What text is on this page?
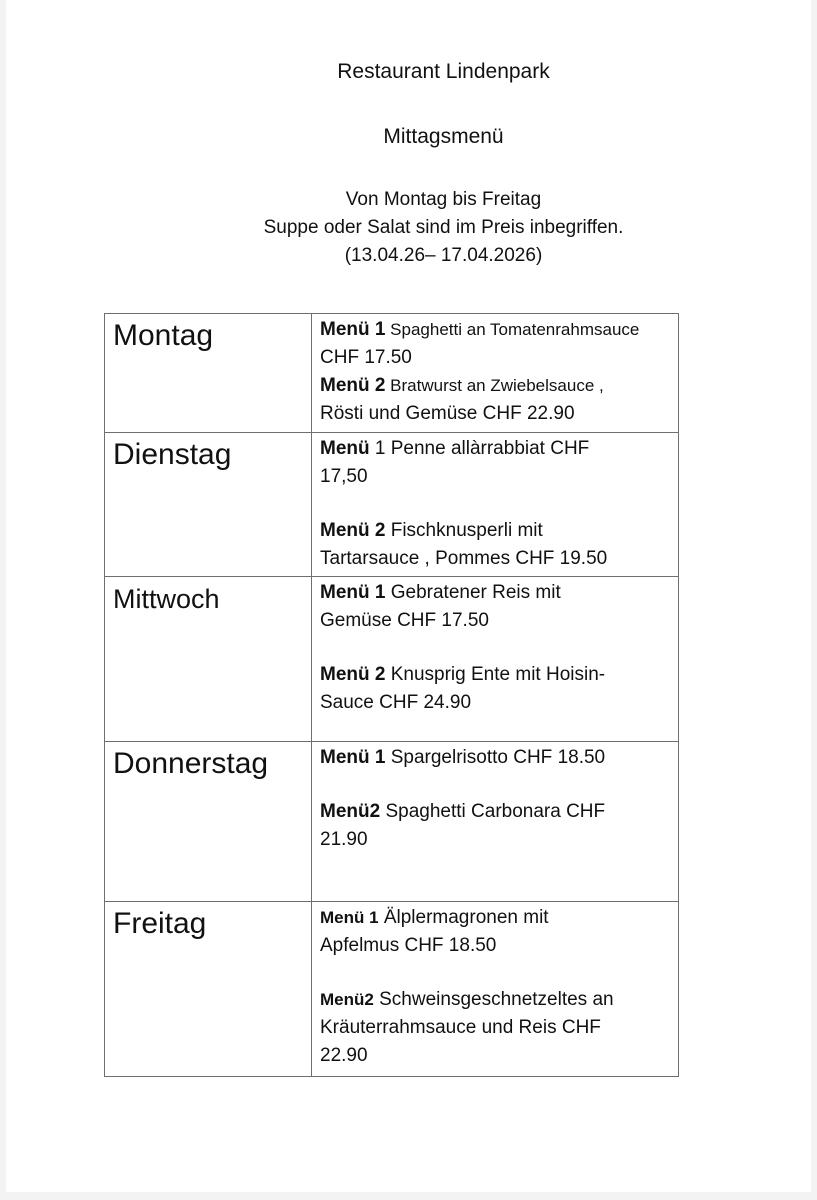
Restaurant Lindenpark
Mittagsmenü
Von Montag bis Freitag
Suppe oder Salat sind im Preis inbegriffen.
(13.04.26– 17.04.2026)
Montag	Menü 1 Spaghetti an Tomatenrahmsauce
CHF 17.50
Menü 2 Bratwurst an Zwiebelsauce ,
Rösti und Gemüse CHF 22.90

Dienstag	Menü 1 Penne allàrrabbiat CHF
17,50
Menü 2 Fischknusperli mit
Tartarsauce , Pommes CHF 19.50

Mittwoch	Menü 1 Gebratener Reis mit
Gemüse CHF 17.50
Menü 2 Knusprig Ente mit Hoisin-
Sauce CHF 24.90

Donnerstag	Menü 1 Spargelrisotto CHF 18.50
Menü2 Spaghetti Carbonara CHF
21.90

Freitag	Menü 1 Älplermagronen mit
Apfelmus CHF 18.50
Menü2 Schweinsgeschnetzeltes an
Kräuterrahmsauce und Reis CHF
22.90
